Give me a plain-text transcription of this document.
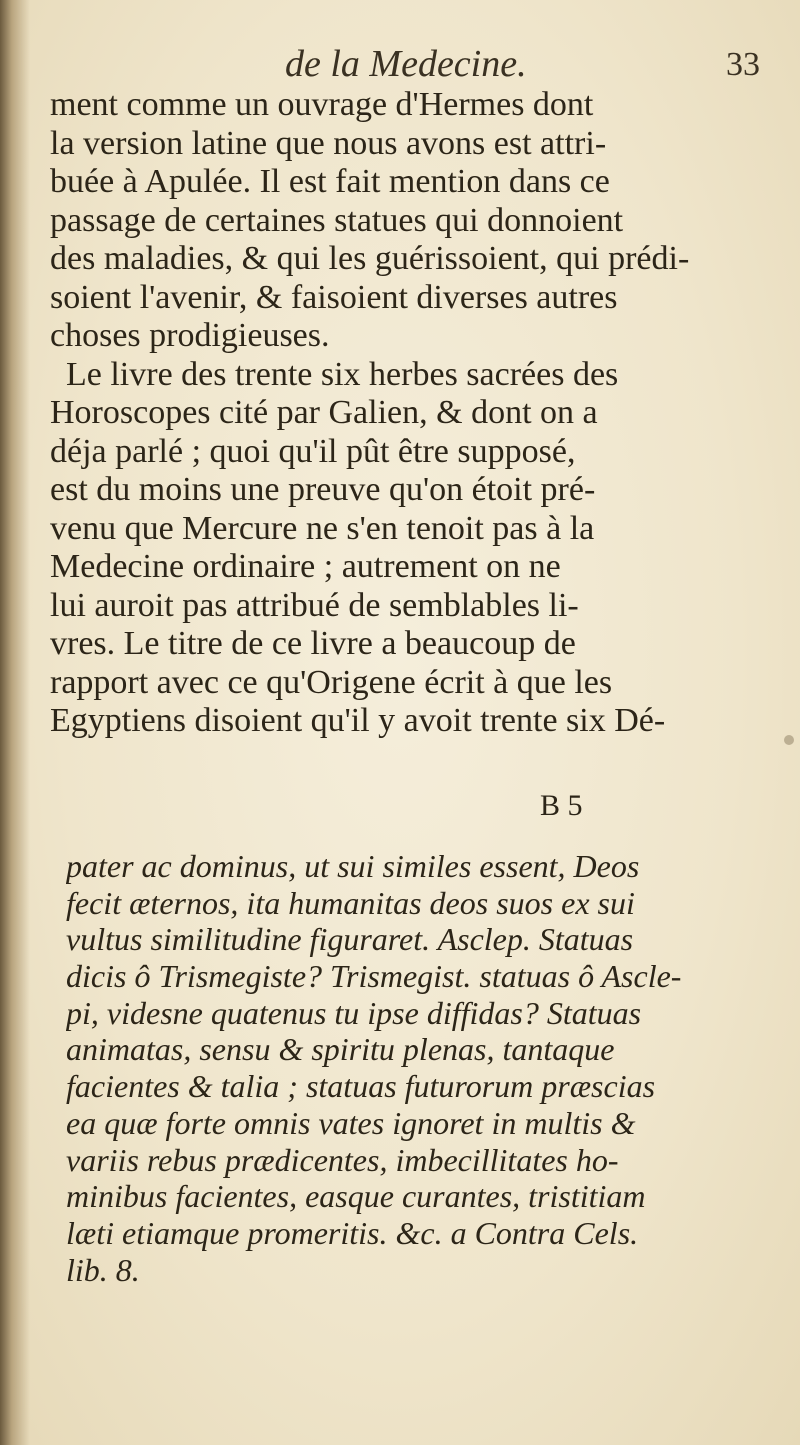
de la Medecine.	33
ment comme un ouvrage d'Hermes dont
la version latine que nous avons est attri-
buée à Apulée. Il est fait mention dans ce
passage de certaines statues qui donnoient
des maladies, & qui les guérissoient, qui prédi-
soient l'avenir, & faisoient diverses autres
choses prodigieuses.
Le livre des trente six herbes sacrées des
Horoscopes cité par Galien, & dont on a
déja parlé ; quoi qu'il pût être supposé,
est du moins une preuve qu'on étoit pré-
venu que Mercure ne s'en tenoit pas à la
Medecine ordinaire ; autrement on ne
lui auroit pas attribué de semblables li-
vres. Le titre de ce livre a beaucoup de
rapport avec ce qu'Origene écrit à que les
Egyptiens disoient qu'il y avoit trente six Dé-
B 5
pater ac dominus, ut sui similes essent, Deos
fecit æternos, ita humanitas deos suos ex sui
vultus similitudine figuraret. Asclep. Statuas
dicis ô Trismegiste? Trismegist. statuas ô Ascle-
pi, videsne quatenus tu ipse diffidas? Statuas
animatas, sensu & spiritu plenas, tantaque
facientes & talia ; statuas futurorum præscias
ea quæ forte omnis vates ignoret in multis &
variis rebus prædicentes, imbecillitates ho-
minibus facientes, easque curantes, tristitiam
læti etiamque promeritis. &c. a Contra Cels.
lib. 8.
